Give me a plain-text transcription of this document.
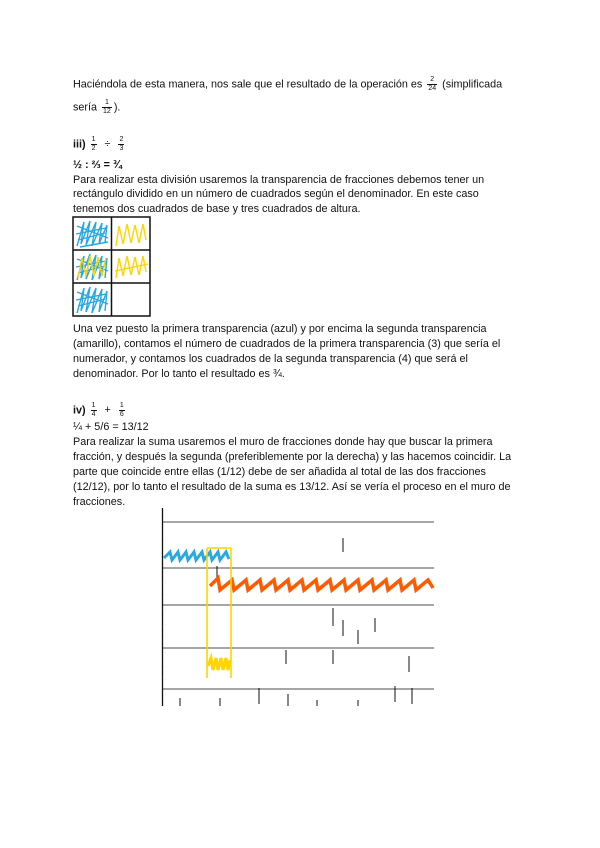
Haciéndola de esta manera, nos sale que el resultado de la operación es $\frac{2}{24}$ (simplificada
sería $\frac{1}{12}$ ).
$iii) \frac{1}{2} \div \frac{2}{3}$
½ : ⅔ = ¾
Para realizar esta división usaremos la transparencia de fracciones debemos tener un
rectángulo dividido en un número de cuadrados según el denominador. En este caso
tenemos dos cuadrados de base y tres cuadrados de altura.
Una vez puesto la primera transparencia (azul) y por encima la segunda transparencia
(amarillo), contamos el número de cuadrados de la primera transparencia (3) que sería el
numerador, y contamos los cuadrados de la segunda transparencia (4) que será el
denominador. Por lo tanto el resultado es ¾.
$iv) \frac{1}{4} + \frac{1}{6}$
¼ + 5/6 = 13/12
Para realizar la suma usaremos el muro de fracciones donde hay que buscar la primera
fracción, y después la segunda (preferiblemente por la derecha) y las hacemos coincidir. La
parte que coincide entre ellas (1/12) debe de ser añadida al total de las dos fracciones
(12/12), por lo tanto el resultado de la suma es 13/12. Así se vería el proceso en el muro de
fracciones.
·
·
·
·
·
·
·
·
·
·
·
